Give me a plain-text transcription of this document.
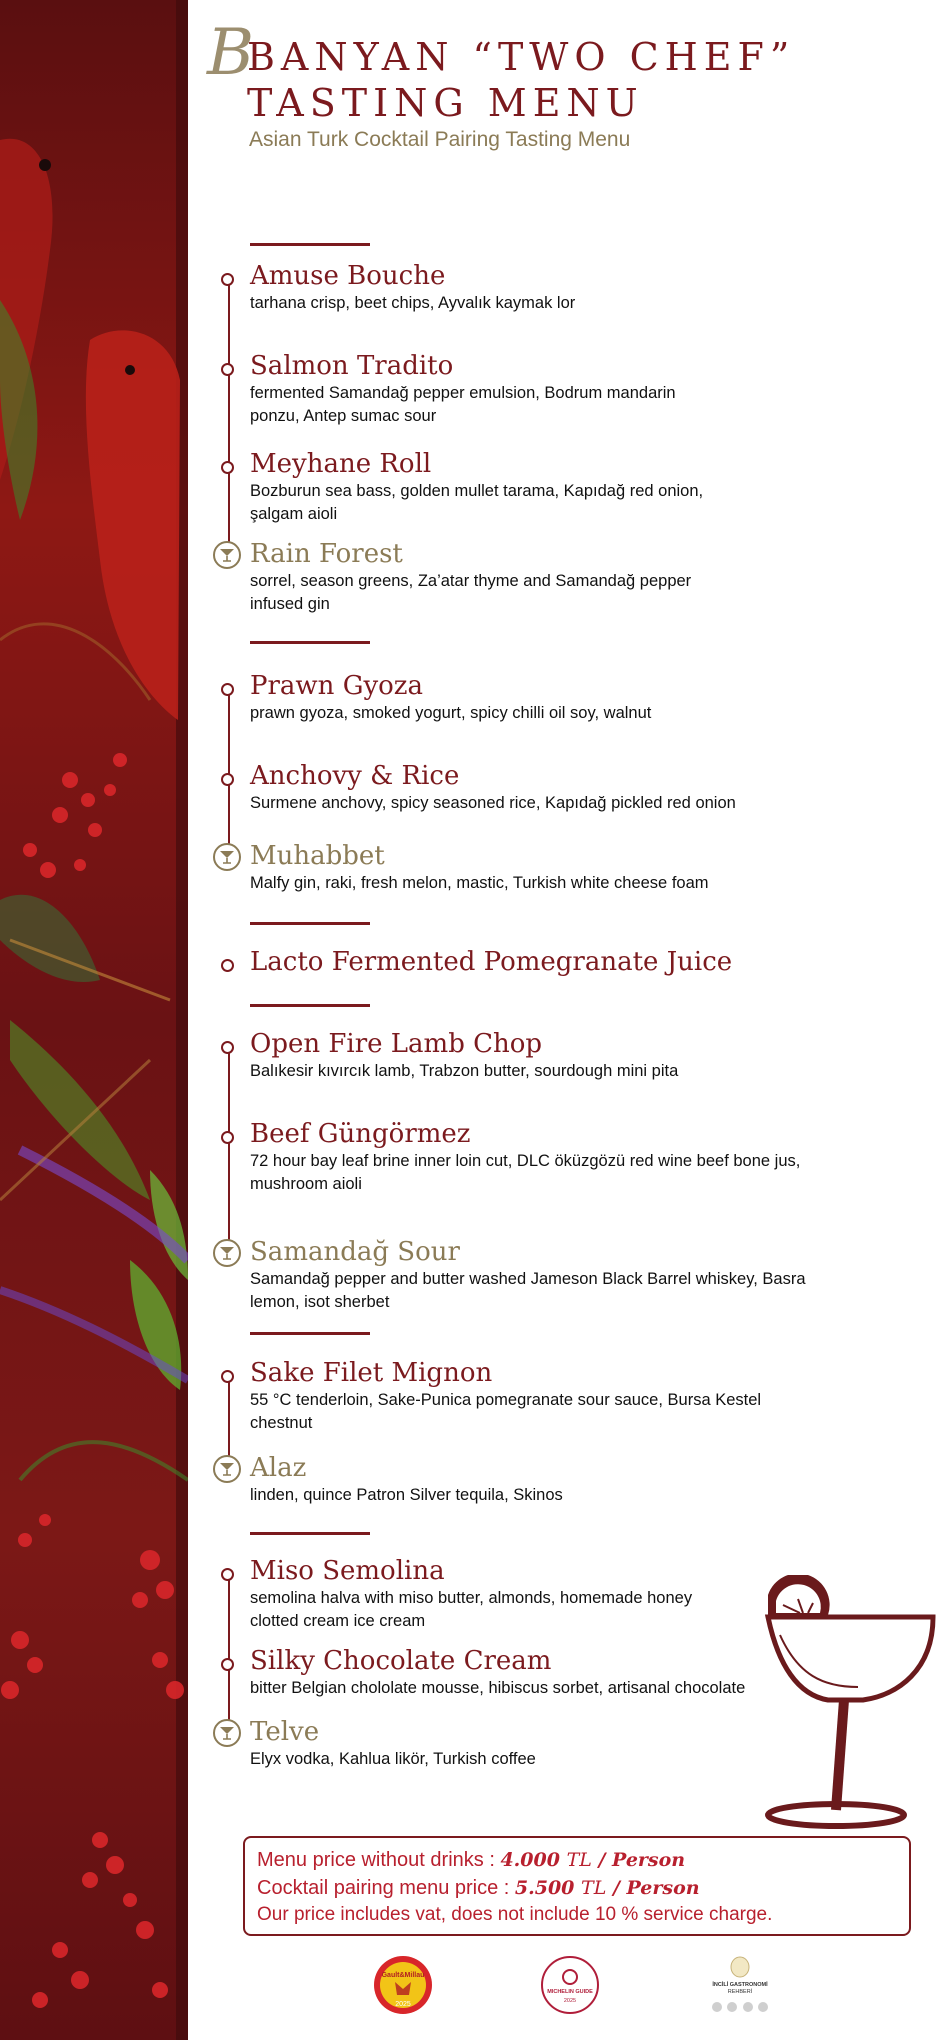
B
BANYAN “TWO CHEF”
TASTING MENU
Asian Turk Cocktail Pairing Tasting Menu
Amuse Bouche
tarhana crisp, beet chips, Ayvalık kaymak lor
Salmon Tradito
fermented Samandağ pepper emulsion, Bodrum mandarin ponzu, Antep sumac sour
Meyhane Roll
Bozburun sea bass, golden mullet tarama, Kapıdağ red onion, şalgam aioli
Rain Forest
sorrel, season greens, Za’atar thyme and Samandağ pepper infused gin
Prawn Gyoza
prawn gyoza, smoked yogurt, spicy chilli oil soy, walnut
Anchovy & Rice
Surmene anchovy, spicy seasoned rice, Kapıdağ pickled red onion
Muhabbet
Malfy gin, raki, fresh melon, mastic, Turkish white cheese foam
Lacto Fermented Pomegranate Juice
Open Fire Lamb Chop
Balıkesir kıvırcık lamb, Trabzon butter, sourdough mini pita
Beef Güngörmez
72 hour bay leaf brine inner loin cut, DLC öküzgözü red wine beef bone jus, mushroom aioli
Samandağ Sour
Samandağ pepper and butter washed Jameson Black Barrel whiskey, Basra lemon, isot sherbet
Sake Filet Mignon
55 °C tenderloin, Sake-Punica pomegranate sour sauce, Bursa Kestel chestnut
Alaz
linden, quince Patron Silver tequila, Skinos
Miso Semolina
semolina halva with miso butter, almonds, homemade honey clotted cream ice cream
Silky Chocolate Cream
bitter Belgian chololate mousse, hibiscus sorbet, artisanal chocolate
Telve
Elyx vodka, Kahlua likör, Turkish coffee
Menu price without drinks : 4.000 TL / Person
Cocktail pairing menu price : 5.500 TL / Person
Our price includes vat, does not include 10 % service charge.
Gault&Millau
2025
MICHELIN GUIDE
2025
İNCİLİ GASTRONOMİ
REHBERİ
